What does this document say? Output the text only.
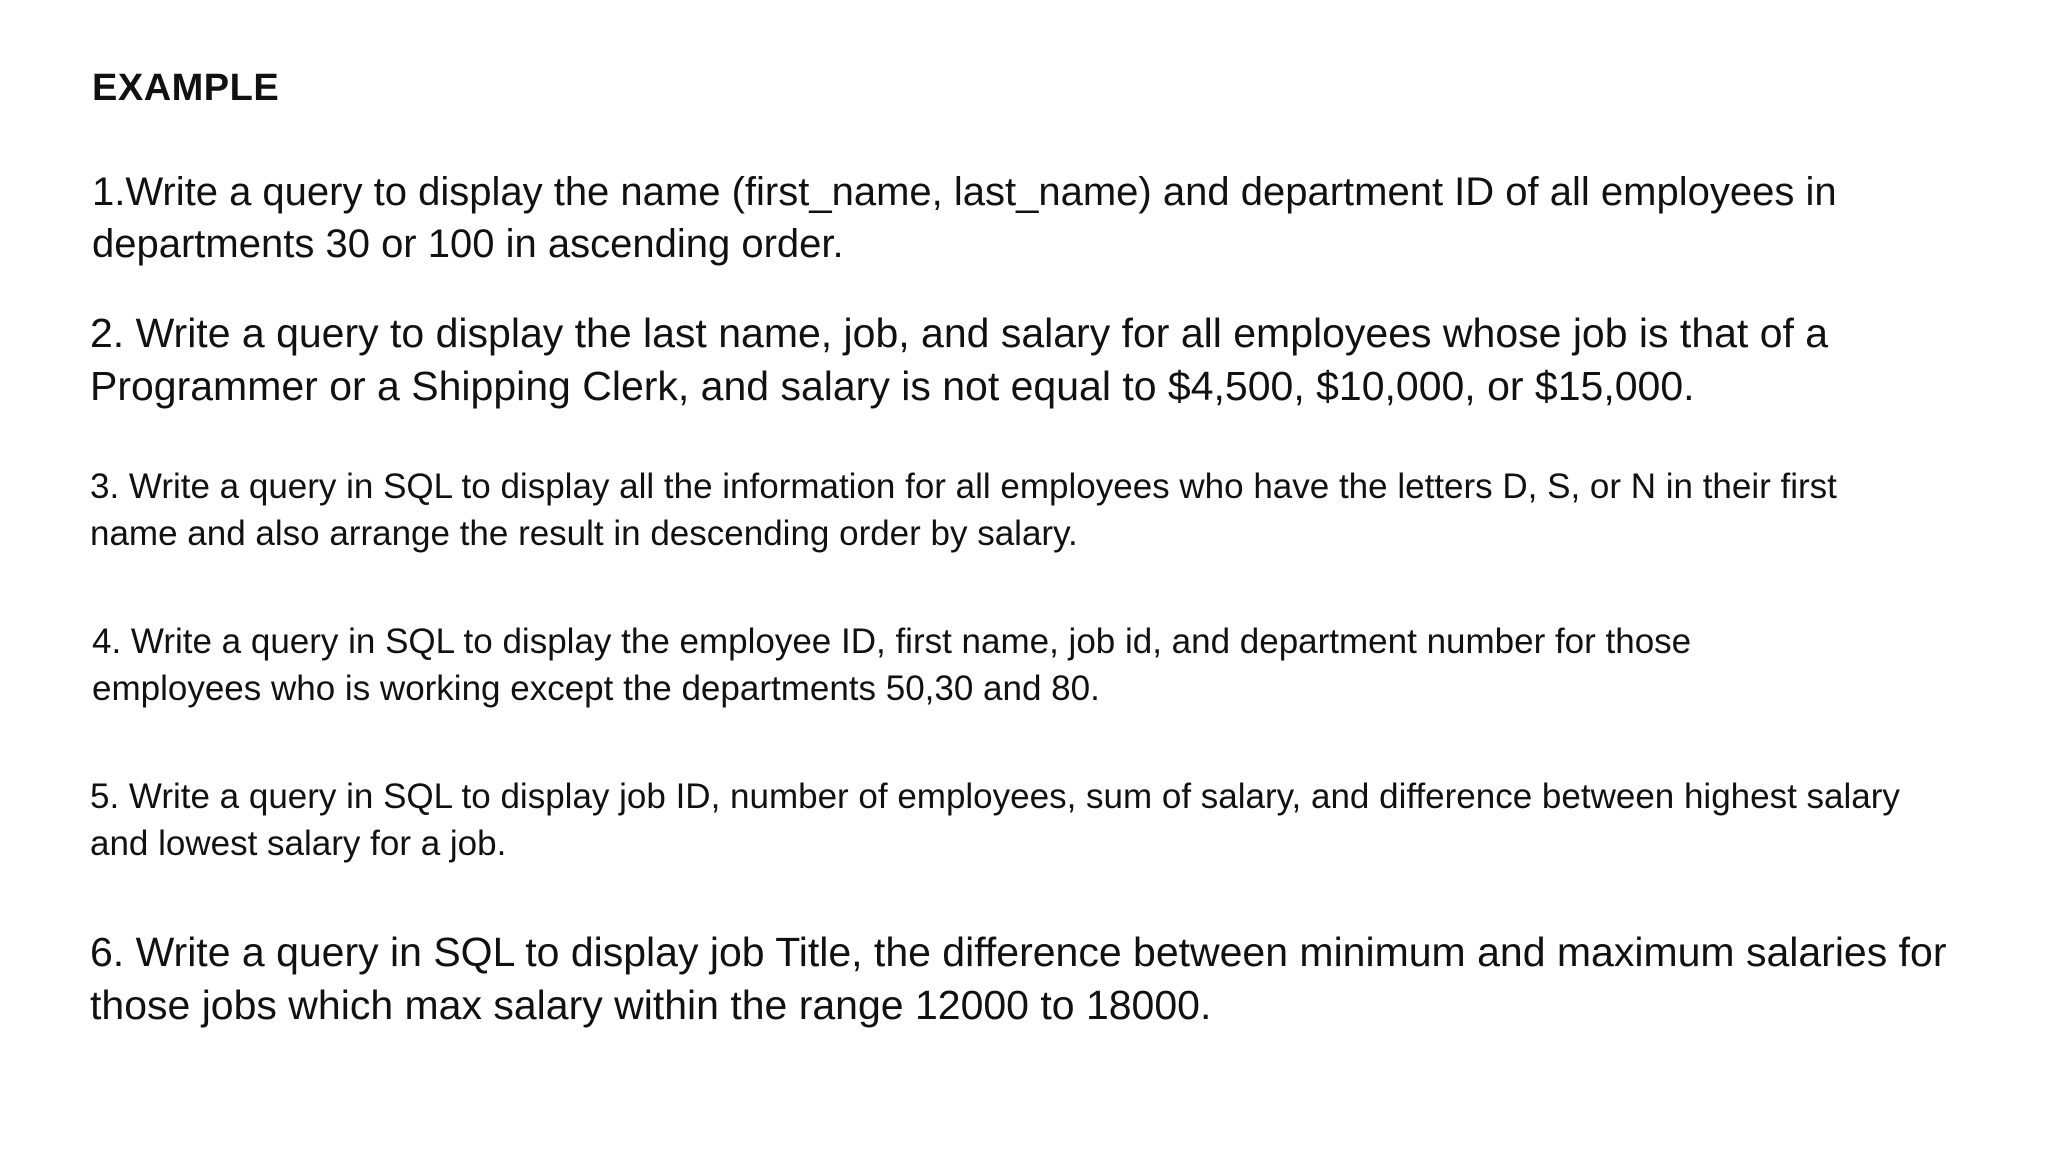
EXAMPLE

1.Write a query to display the name (first_name, last_name) and department ID of all employees in
departments 30 or 100 in ascending order.

2. Write a query to display the last name, job, and salary for all employees whose job is that of a
Programmer or a Shipping Clerk, and salary is not equal to $4,500, $10,000, or $15,000.

3. Write a query in SQL to display all the information for all employees who have the letters D, S, or N in their first
name and also arrange the result in descending order by salary.

4. Write a query in SQL to display the employee ID, first name, job id, and department number for those
employees who is working except the departments 50,30 and 80.

5. Write a query in SQL to display job ID, number of employees, sum of salary, and difference between highest salary
and lowest salary for a job.

6. Write a query in SQL to display job Title, the difference between minimum and maximum salaries for
those jobs which max salary within the range 12000 to 18000.
